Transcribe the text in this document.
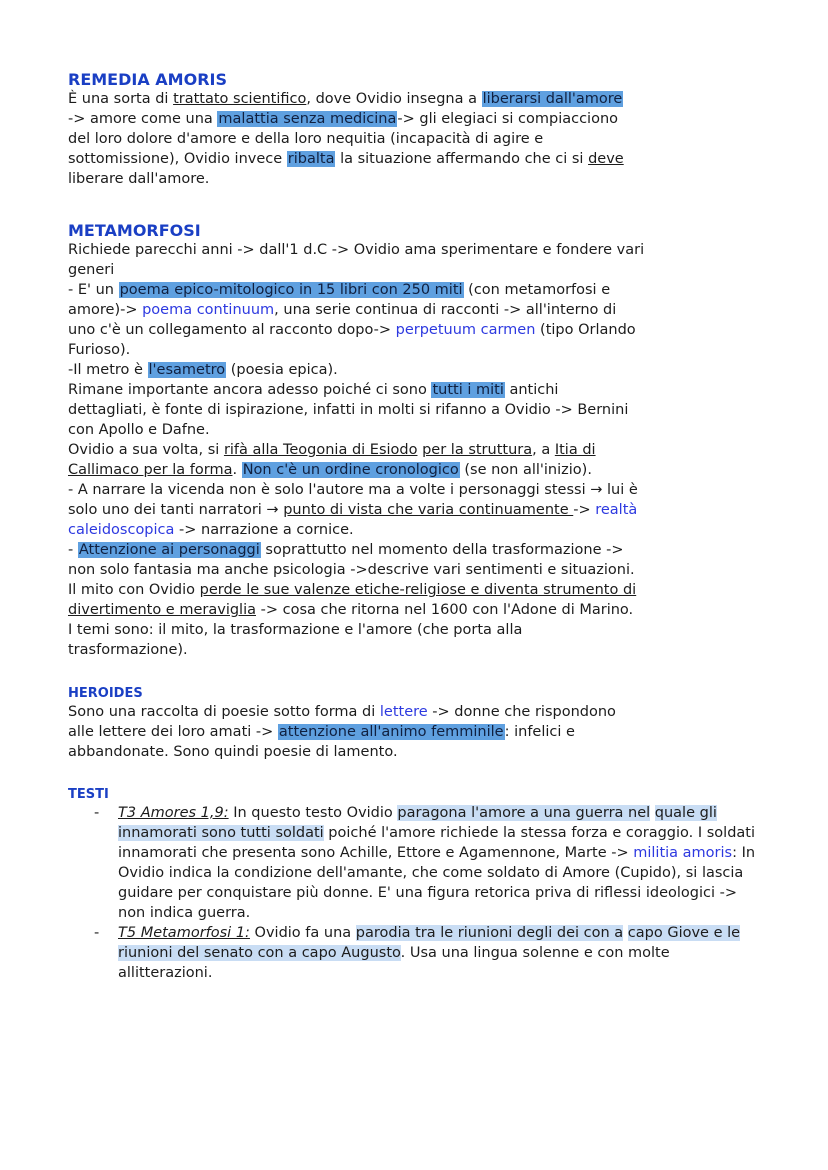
REMEDIA AMORIS

È una sorta di trattato scientifico, dove Ovidio insegna a liberarsi dall'amore
-> amore come una malattia senza medicina-> gli elegiaci si compiacciono
del loro dolore d'amore e della loro nequitia (incapacità di agire e
sottomissione), Ovidio invece ribalta la situazione affermando che ci si deve
liberare dall'amore.

METAMORFOSI

Richiede parecchi anni -> dall'1 d.C -> Ovidio ama sperimentare e fondere vari
generi
- E' un poema epico-mitologico in 15 libri con 250 miti (con metamorfosi e
amore)-> poema continuum, una serie continua di racconti -> all'interno di
uno c'è un collegamento al racconto dopo-> perpetuum carmen (tipo Orlando
Furioso).
-Il metro è l'esametro (poesia epica).
Rimane importante ancora adesso poiché ci sono tutti i miti antichi
dettagliati, è fonte di ispirazione, infatti in molti si rifanno a Ovidio -> Bernini
con Apollo e Dafne.
Ovidio a sua volta, si rifà alla Teogonia di Esiodo per la struttura, a Itia di
Callimaco per la forma. Non c'è un ordine cronologico (se non all'inizio).
- A narrare la vicenda non è solo l'autore ma a volte i personaggi stessi → lui è
solo uno dei tanti narratori → punto di vista che varia continuamente -> realtà
caleidoscopica -> narrazione a cornice.
- Attenzione ai personaggi soprattutto nel momento della trasformazione ->
non solo fantasia ma anche psicologia ->descrive vari sentimenti e situazioni.
Il mito con Ovidio perde le sue valenze etiche-religiose e diventa strumento di
divertimento e meraviglia -> cosa che ritorna nel 1600 con l'Adone di Marino.
I temi sono: il mito, la trasformazione e l'amore (che porta alla
trasformazione).

HEROIDES

Sono una raccolta di poesie sotto forma di lettere -> donne che rispondono
alle lettere dei loro amati -> attenzione all'animo femminile: infelici e
abbandonate. Sono quindi poesie di lamento.

TESTI
- T3 Amores 1,9: In questo testo Ovidio paragona l'amore a una guerra nel quale gli innamorati sono tutti soldati poiché l'amore richiede la stessa forza e coraggio. I soldati innamorati che presenta sono Achille, Ettore e Agamennone, Marte -> militia amoris: In Ovidio indica la condizione dell'amante, che come soldato di Amore (Cupido), si lascia guidare per conquistare più donne. E' una figura retorica priva di riflessi ideologici -> non indica guerra.
- T5 Metamorfosi 1: Ovidio fa una parodia tra le riunioni degli dei con a capo Giove e le riunioni del senato con a capo Augusto. Usa una lingua solenne e con molte allitterazioni.
